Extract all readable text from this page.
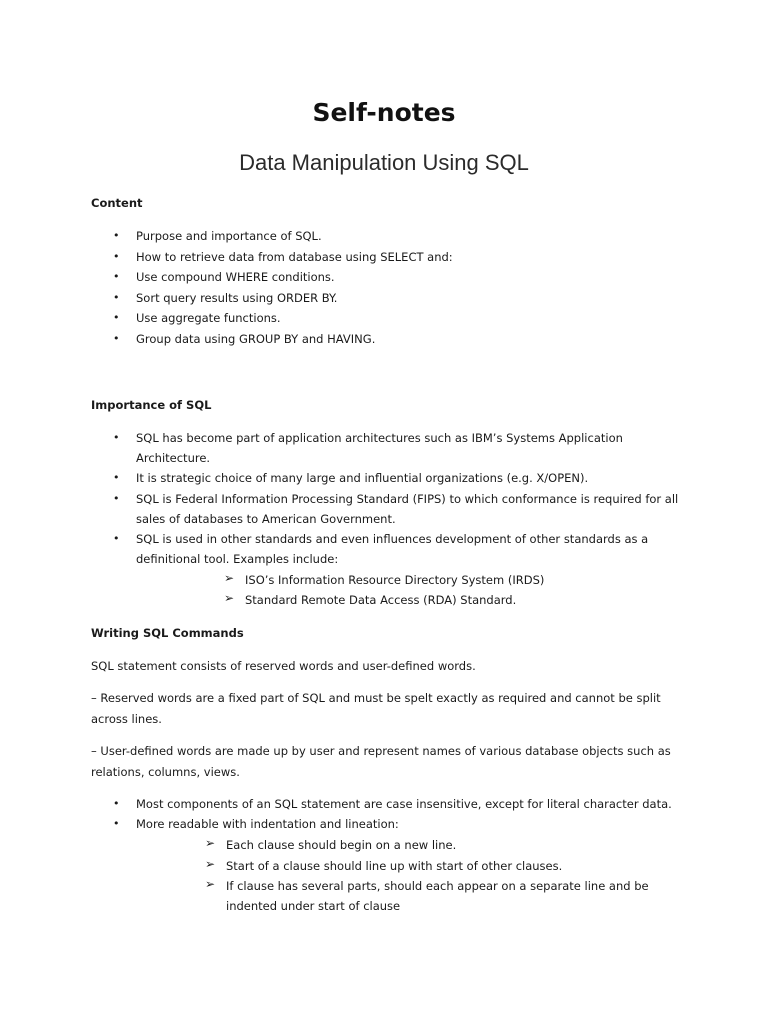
Self-notes
Data Manipulation Using SQL
Content
• Purpose and importance of SQL.
• How to retrieve data from database using SELECT and:
• Use compound WHERE conditions.
• Sort query results using ORDER BY.
• Use aggregate functions.
• Group data using GROUP BY and HAVING.
Importance of SQL
• SQL has become part of application architectures such as IBM’s Systems Application
Architecture.
• It is strategic choice of many large and influential organizations (e.g. X/OPEN).
• SQL is Federal Information Processing Standard (FIPS) to which conformance is required for all
sales of databases to American Government.
• SQL is used in other standards and even influences development of other standards as a
definitional tool. Examples include:
➢ ISO’s Information Resource Directory System (IRDS)
➢ Standard Remote Data Access (RDA) Standard.
Writing SQL Commands
SQL statement consists of reserved words and user-defined words.
– Reserved words are a fixed part of SQL and must be spelt exactly as required and cannot be split
across lines.
– User-defined words are made up by user and represent names of various database objects such as
relations, columns, views.
• Most components of an SQL statement are case insensitive, except for literal character data.
• More readable with indentation and lineation:
➢ Each clause should begin on a new line.
➢ Start of a clause should line up with start of other clauses.
➢ If clause has several parts, should each appear on a separate line and be
indented under start of clause
